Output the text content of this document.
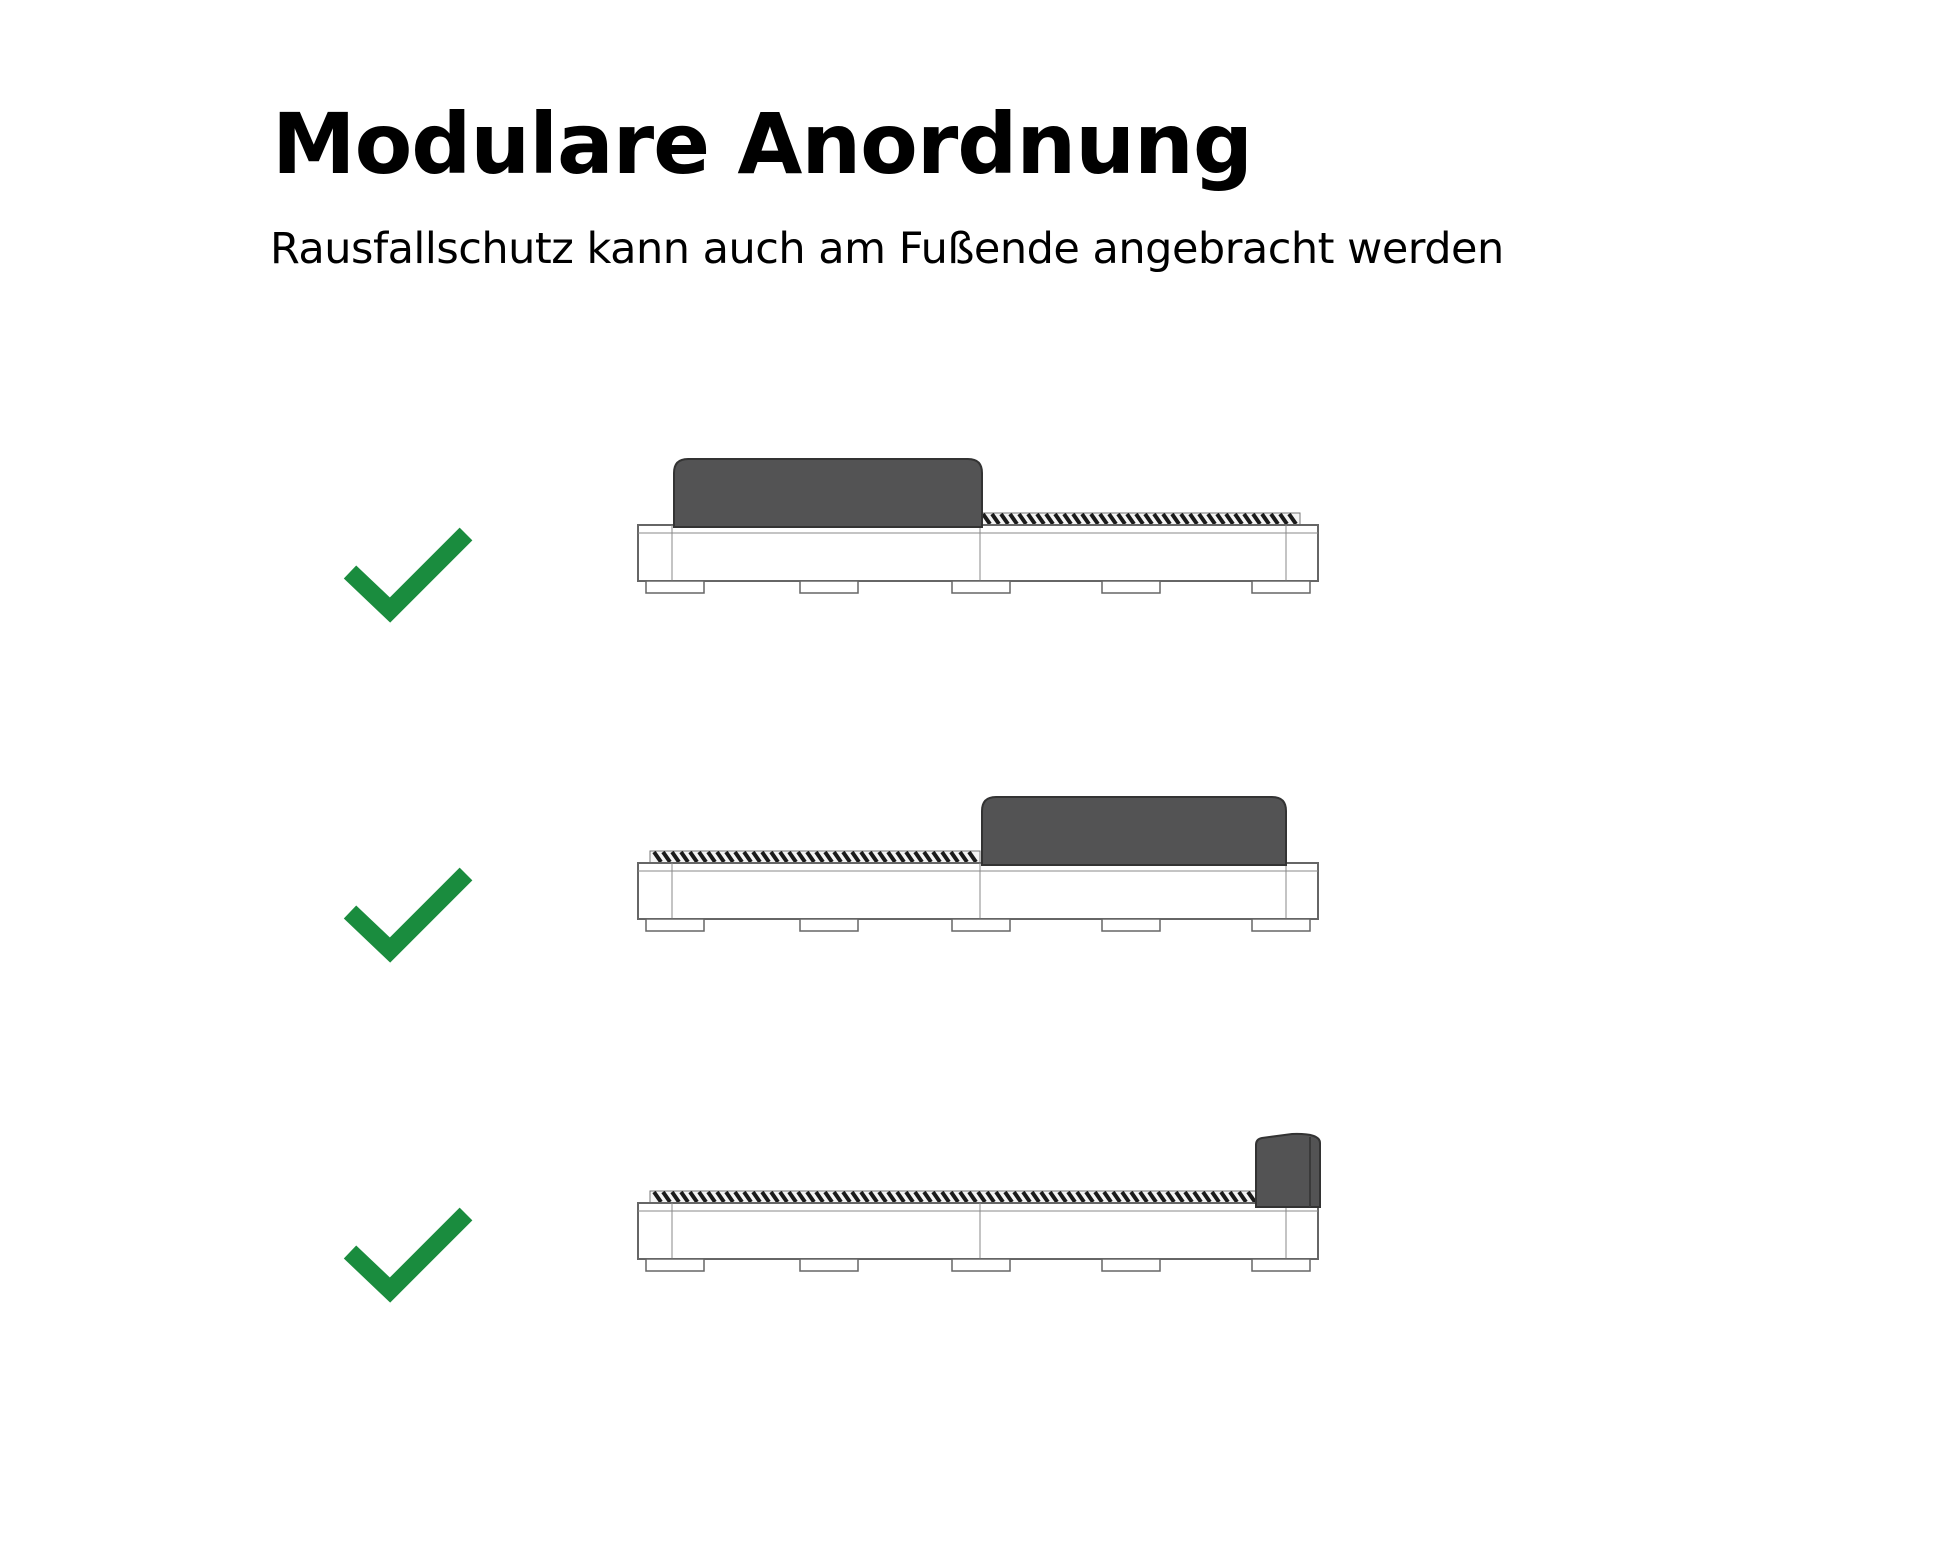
Modulare Anordnung

Rausfallschutz kann auch am Fußende angebracht werden
